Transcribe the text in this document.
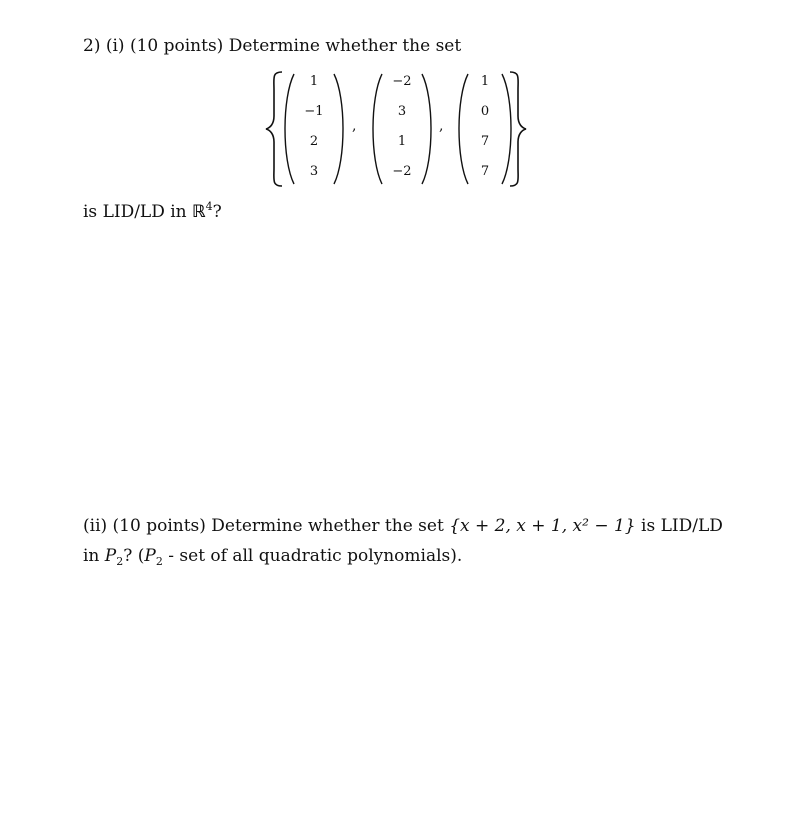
2) (i) (10 points) Determine whether the set
1
−1
2
3
,
−2
3
1
−2
,
1
0
7
7
is LID/LD in ℝ$^4$?
(ii) (10 points) Determine whether the set {x + 2, x + 1, x² − 1} is LID/LD
in $P_2$? ($P_2$ - set of all quadratic polynomials).
